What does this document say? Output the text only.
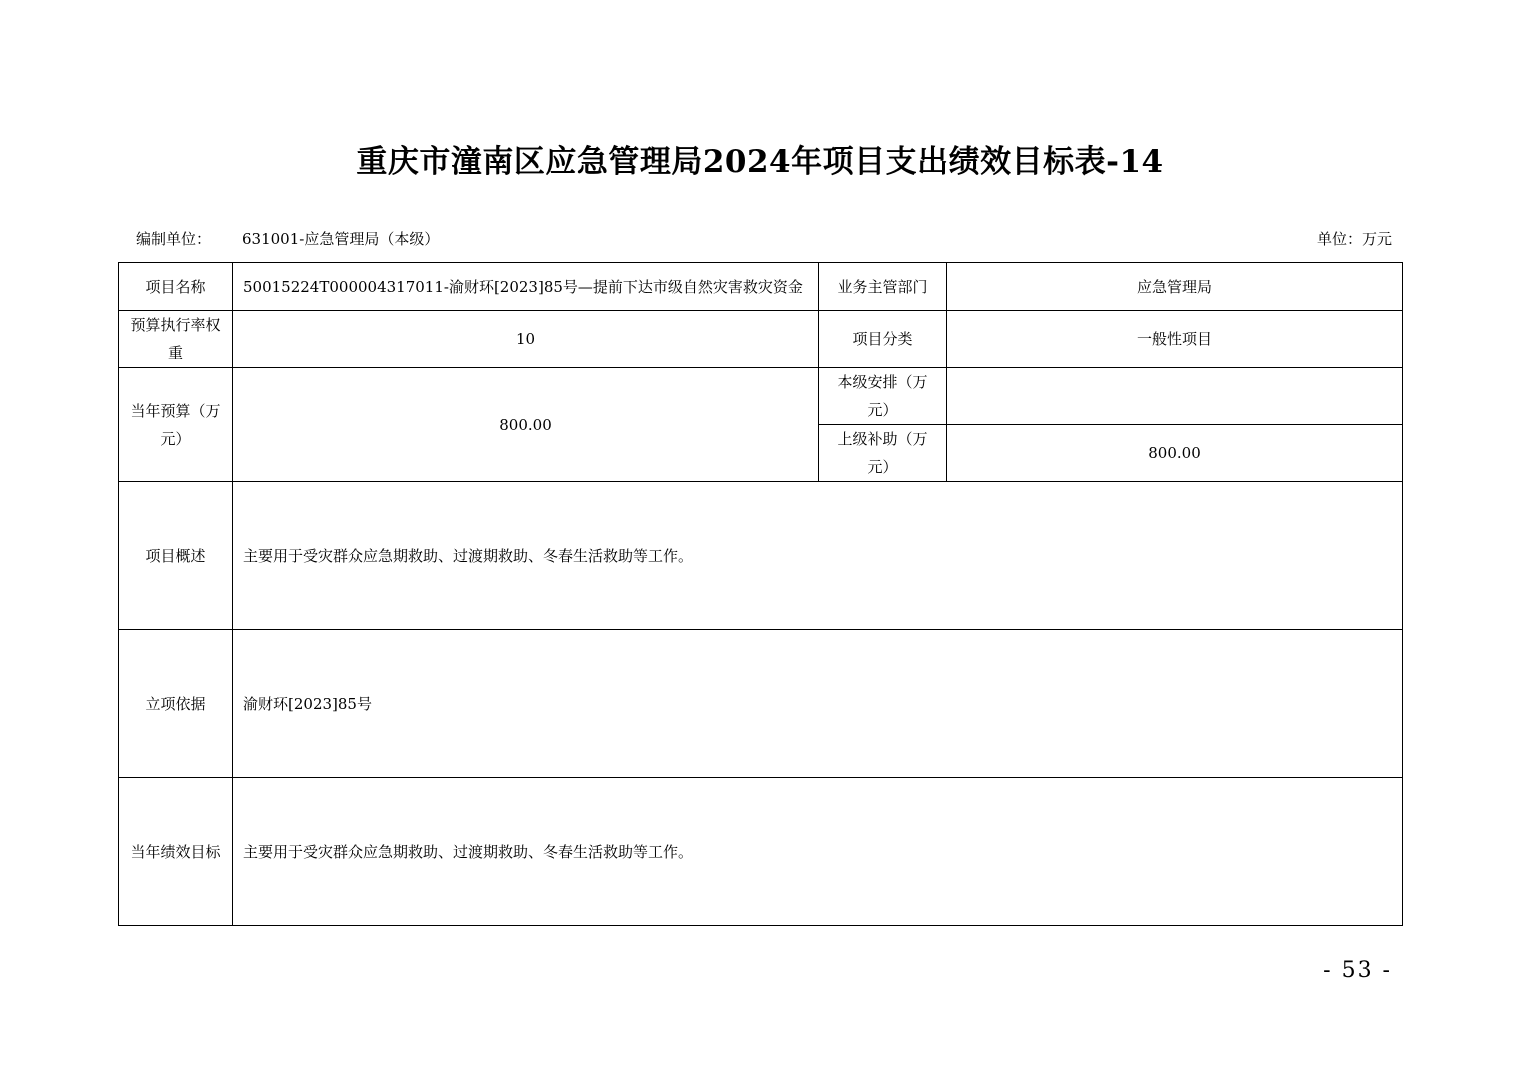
重庆市潼南区应急管理局2024年项目支出绩效目标表-14
编制单位： 631001-应急管理局（本级）	单位：万元
项目名称	50015224T000004317011-渝财环[2023]85号—提前下达市级自然灾害救灾资金	业务主管部门	应急管理局
预算执行率权重	10	项目分类	一般性项目
当年预算（万元）	800.00	本级安排（万元）	
		上级补助（万元）	800.00
项目概述	主要用于受灾群众应急期救助、过渡期救助、冬春生活救助等工作。		
立项依据	渝财环[2023]85号		
当年绩效目标	主要用于受灾群众应急期救助、过渡期救助、冬春生活救助等工作。		
- 53 -
